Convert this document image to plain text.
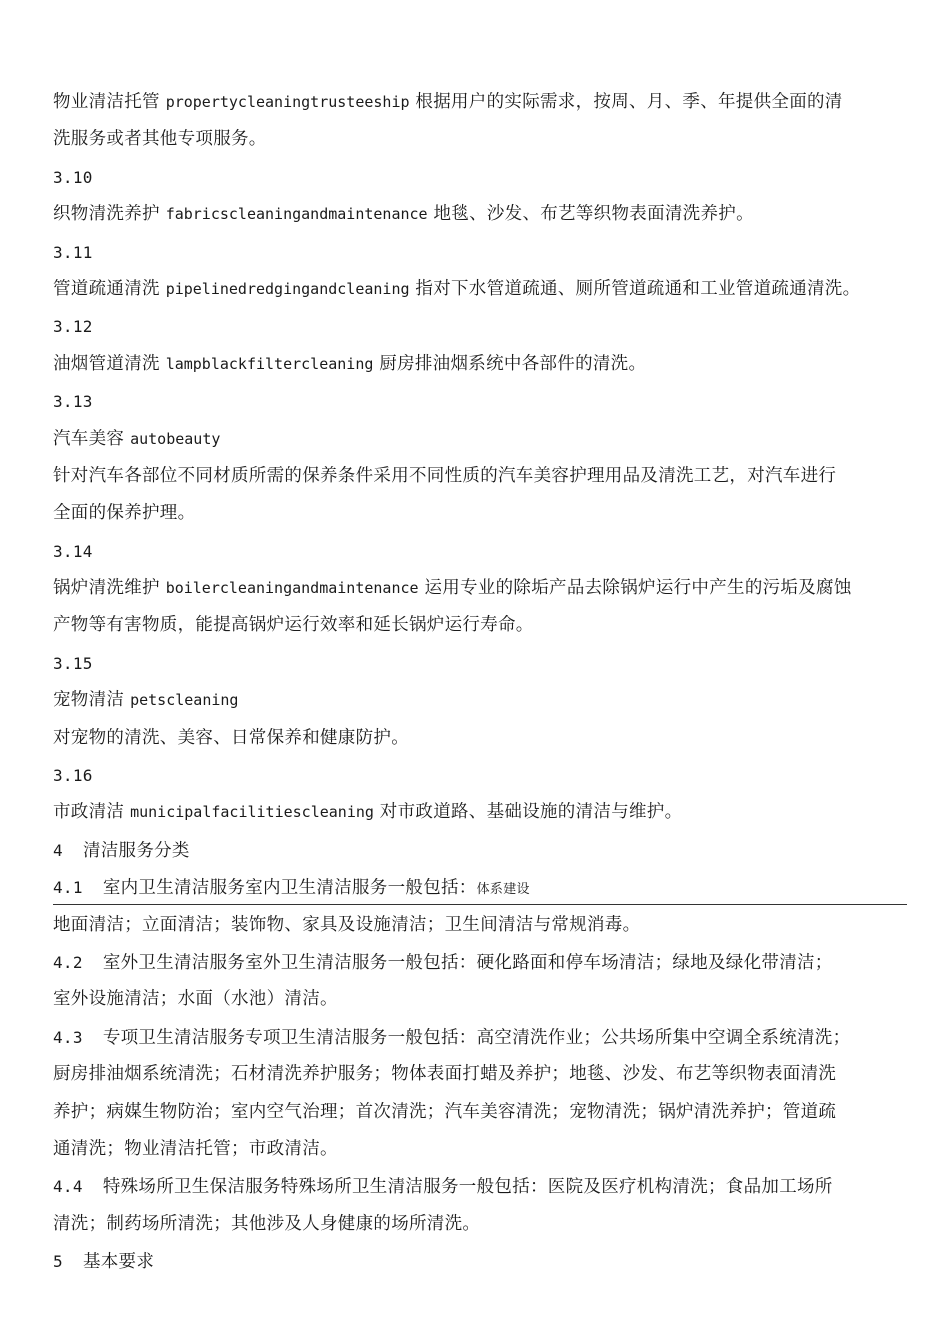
物业清洁托管 propertycleaningtrusteeship 根据用户的实际需求，按周、月、季、年提供全面的清
洗服务或者其他专项服务。
3.10
织物清洗养护 fabricscleaningandmaintenance 地毯、沙发、布艺等织物表面清洗养护。
3.11
管道疏通清洗 pipelinedredgingandcleaning 指对下水管道疏通、厕所管道疏通和工业管道疏通清洗。
3.12
油烟管道清洗 lampblackfiltercleaning 厨房排油烟系统中各部件的清洗。
3.13
汽车美容 autobeauty
针对汽车各部位不同材质所需的保养条件采用不同性质的汽车美容护理用品及清洗工艺，对汽车进行
全面的保养护理。
3.14
锅炉清洗维护 boilercleaningandmaintenance 运用专业的除垢产品去除锅炉运行中产生的污垢及腐蚀
产物等有害物质，能提高锅炉运行效率和延长锅炉运行寿命。
3.15
宠物清洁 petscleaning
对宠物的清洗、美容、日常保养和健康防护。
3.16
市政清洁 municipalfacilitiescleaning 对市政道路、基础设施的清洁与维护。
4 清洁服务分类
4.1 室内卫生清洁服务室内卫生清洁服务一般包括：体系建设
地面清洁；立面清洁；装饰物、家具及设施清洁；卫生间清洁与常规消毒。
4.2 室外卫生清洁服务室外卫生清洁服务一般包括：硬化路面和停车场清洁；绿地及绿化带清洁；
室外设施清洁；水面（水池）清洁。
4.3 专项卫生清洁服务专项卫生清洁服务一般包括：高空清洗作业；公共场所集中空调全系统清洗；
厨房排油烟系统清洗；石材清洗养护服务；物体表面打蜡及养护；地毯、沙发、布艺等织物表面清洗
养护；病媒生物防治；室内空气治理；首次清洗；汽车美容清洗；宠物清洗；锅炉清洗养护；管道疏
通清洗；物业清洁托管；市政清洁。
4.4 特殊场所卫生保洁服务特殊场所卫生清洁服务一般包括：医院及医疗机构清洗；食品加工场所
清洗；制药场所清洗；其他涉及人身健康的场所清洗。
5 基本要求
